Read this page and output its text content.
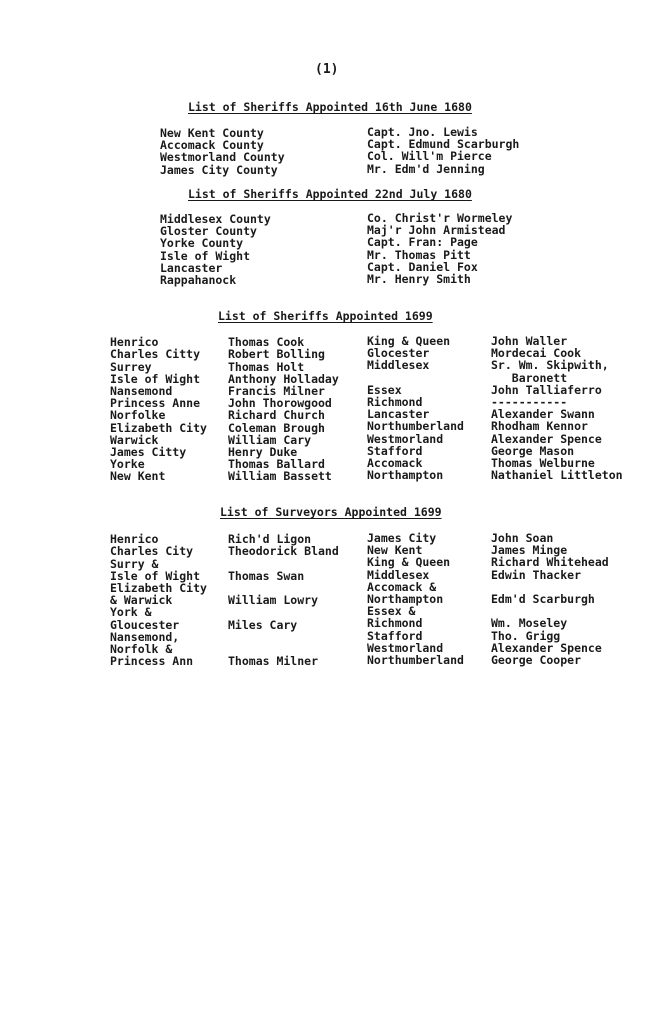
(1)
List of Sheriffs Appointed 16th June 1680
New Kent County
Accomack County
Westmorland County
James City County
Capt. Jno. Lewis
Capt. Edmund Scarburgh
Col. Will'm Pierce
Mr. Edm'd Jenning
List of Sheriffs Appointed 22nd July 1680
Middlesex County
Gloster County
Yorke County
Isle of Wight
Lancaster
Rappahanock
Co. Christ'r Wormeley
Maj'r John Armistead
Capt. Fran: Page
Mr. Thomas Pitt
Capt. Daniel Fox
Mr. Henry Smith
List of Sheriffs Appointed 1699
Henrico
Charles Citty
Surrey
Isle of Wight
Nansemond
Princess Anne
Norfolke
Elizabeth City
Warwick
James Citty
Yorke
New Kent
Thomas Cook
Robert Bolling
Thomas Holt
Anthony Holladay
Francis Milner
John Thorowgood
Richard Church
Coleman Brough
William Cary
Henry Duke
Thomas Ballard
William Bassett
King & Queen
Glocester
Middlesex
Essex
Richmond
Lancaster
Northumberland
Westmorland
Stafford
Accomack
Northampton
John Waller
Mordecai Cook
Sr. Wm. Skipwith,
Baronett
John Talliaferro
-----------
Alexander Swann
Rhodham Kennor
Alexander Spence
George Mason
Thomas Welburne
Nathaniel Littleton
List of Surveyors Appointed 1699
Henrico
Charles City
Surry &
Isle of Wight
Elizabeth City
& Warwick
York &
Gloucester
Nansemond,
Norfolk &
Princess Ann
Rich'd Ligon
Theodorick Bland
Thomas Swan
William Lowry
Miles Cary
Thomas Milner
James City
New Kent
King & Queen
Middlesex
Accomack &
Northampton
Essex &
Richmond
Stafford
Westmorland
Northumberland
John Soan
James Minge
Richard Whitehead
Edwin Thacker
Edm'd Scarburgh
Wm. Moseley
Tho. Grigg
Alexander Spence
George Cooper
